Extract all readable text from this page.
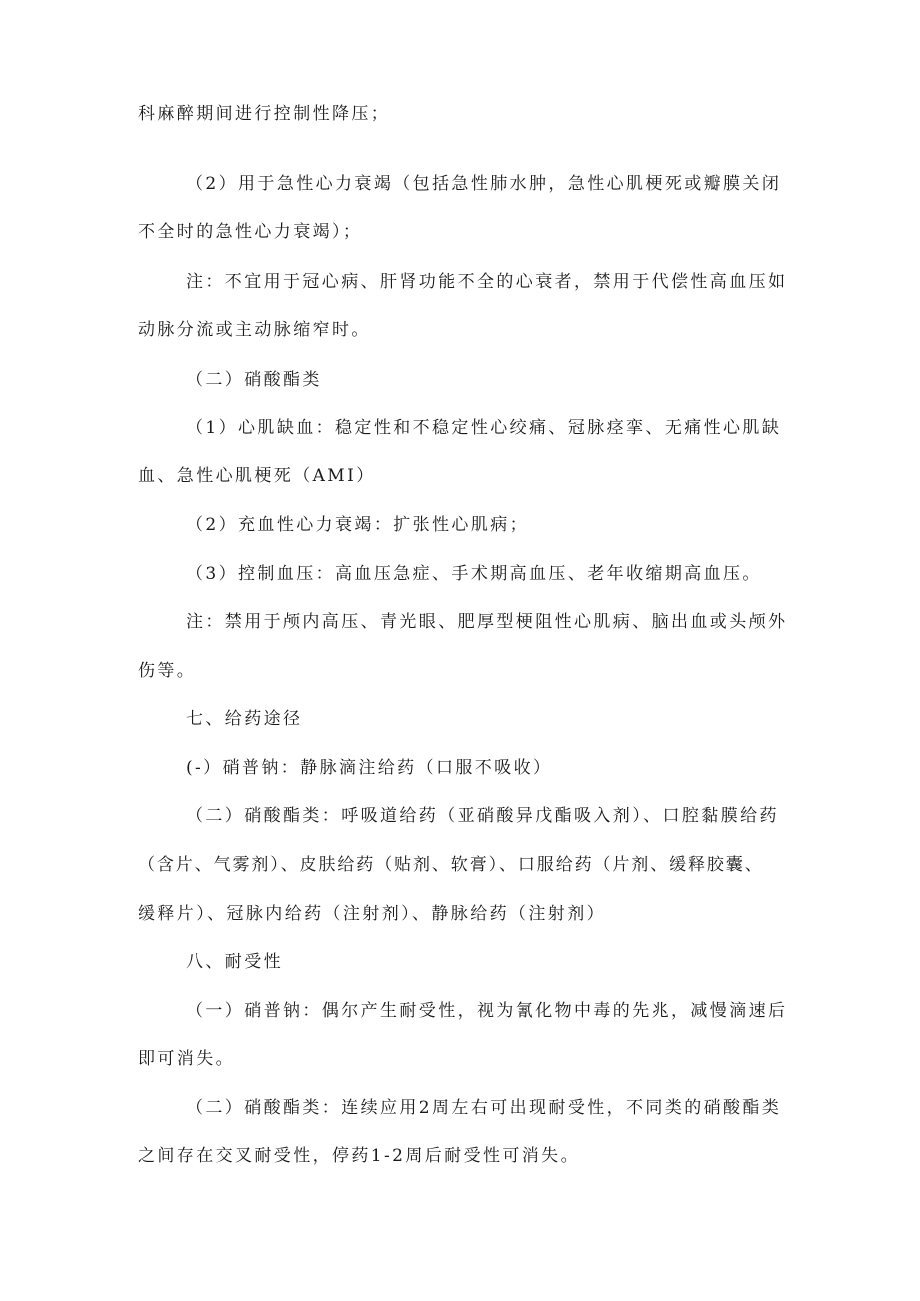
科麻醉期间进行控制性降压；
（2）用于急性心力衰竭（包括急性肺水肿，急性心肌梗死或瓣膜关闭
不全时的急性心力衰竭）；
注：不宜用于冠心病、肝肾功能不全的心衰者，禁用于代偿性高血压如
动脉分流或主动脉缩窄时。
（二）硝酸酯类
（1）心肌缺血：稳定性和不稳定性心绞痛、冠脉痉挛、无痛性心肌缺
血、急性心肌梗死（AMI）
（2）充血性心力衰竭：扩张性心肌病；
（3）控制血压：高血压急症、手术期高血压、老年收缩期高血压。
注：禁用于颅内高压、青光眼、肥厚型梗阻性心肌病、脑出血或头颅外
伤等。
七、给药途径
(-）硝普钠：静脉滴注给药（口服不吸收）
（二）硝酸酯类：呼吸道给药（亚硝酸异戊酯吸入剂）、口腔黏膜给药
（含片、气雾剂）、皮肤给药（贴剂、软膏）、口服给药（片剂、缓释胶囊、
缓释片）、冠脉内给药（注射剂）、静脉给药（注射剂）
八、耐受性
（一）硝普钠：偶尔产生耐受性，视为氰化物中毒的先兆，减慢滴速后
即可消失。
（二）硝酸酯类：连续应用2周左右可出现耐受性，不同类的硝酸酯类
之间存在交叉耐受性，停药1-2周后耐受性可消失。
